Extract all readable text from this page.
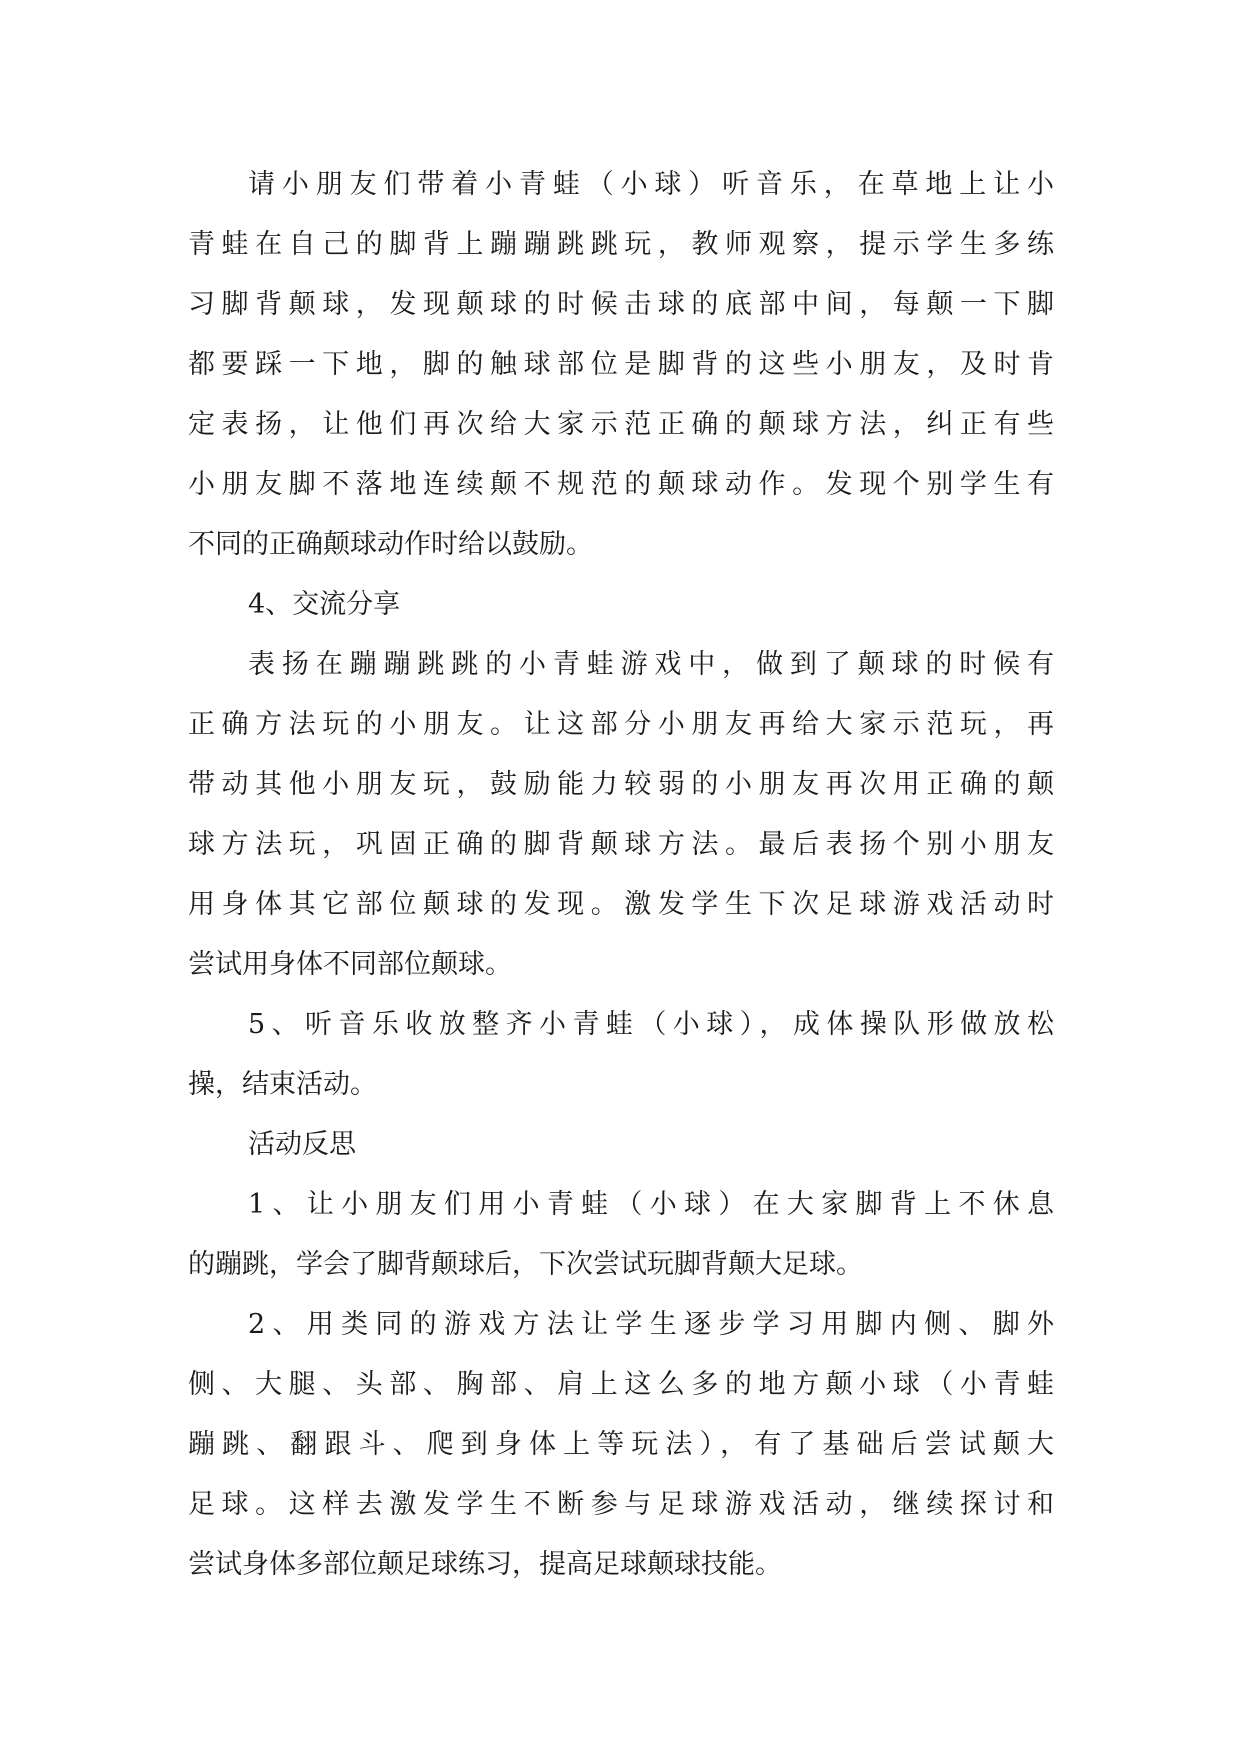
请小朋友们带着小青蛙（小球）听音乐，在草地上让小
青蛙在自己的脚背上蹦蹦跳跳玩，教师观察，提示学生多练
习脚背颠球，发现颠球的时候击球的底部中间，每颠一下脚
都要踩一下地，脚的触球部位是脚背的这些小朋友，及时肯
定表扬，让他们再次给大家示范正确的颠球方法，纠正有些
小朋友脚不落地连续颠不规范的颠球动作。发现个别学生有
不同的正确颠球动作时给以鼓励。
4、交流分享
表扬在蹦蹦跳跳的小青蛙游戏中，做到了颠球的时候有
正确方法玩的小朋友。让这部分小朋友再给大家示范玩，再
带动其他小朋友玩，鼓励能力较弱的小朋友再次用正确的颠
球方法玩，巩固正确的脚背颠球方法。最后表扬个别小朋友
用身体其它部位颠球的发现。激发学生下次足球游戏活动时
尝试用身体不同部位颠球。
5、听音乐收放整齐小青蛙（小球），成体操队形做放松
操，结束活动。
活动反思
1、让小朋友们用小青蛙（小球）在大家脚背上不休息
的蹦跳，学会了脚背颠球后，下次尝试玩脚背颠大足球。
2、用类同的游戏方法让学生逐步学习用脚内侧、脚外
侧、大腿、头部、胸部、肩上这么多的地方颠小球（小青蛙
蹦跳、翻跟斗、爬到身体上等玩法），有了基础后尝试颠大
足球。这样去激发学生不断参与足球游戏活动，继续探讨和
尝试身体多部位颠足球练习，提高足球颠球技能。
